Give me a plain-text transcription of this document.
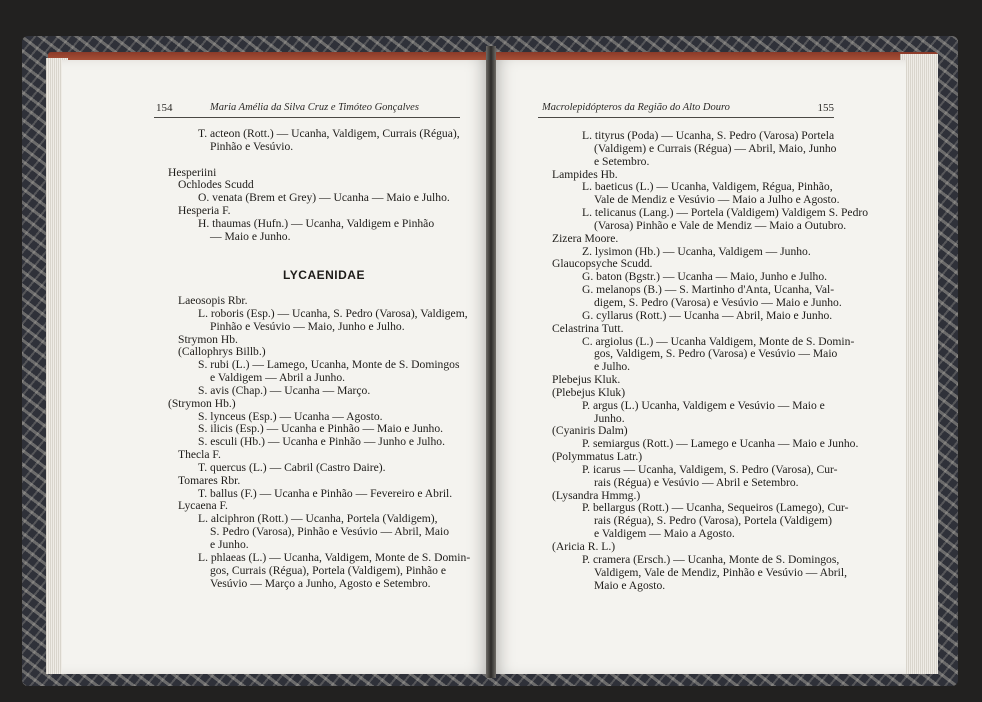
154	Maria Amélia da Silva Cruz e Timóteo Gonçalves	Macrolepidópteros da Região do Alto Douro	155
T. acteon (Rott.) — Ucanha, Valdigem, Currais (Régua),
Pinhão e Vesúvio.
Hesperiini
Ochlodes Scudd
O. venata (Brem et Grey) — Ucanha — Maio e Julho.
Hesperia F.
H. thaumas (Hufn.) — Ucanha, Valdigem e Pinhão
— Maio e Junho.
LYCAENIDAE
Laeosopis Rbr.
L. roboris (Esp.) — Ucanha, S. Pedro (Varosa), Valdigem,
Pinhão e Vesúvio — Maio, Junho e Julho.
Strymon Hb.
(Callophrys Billb.)
S. rubi (L.) — Lamego, Ucanha, Monte de S. Domingos
e Valdigem — Abril a Junho.
S. avis (Chap.) — Ucanha — Março.
(Strymon Hb.)
S. lynceus (Esp.) — Ucanha — Agosto.
S. ilicis (Esp.) — Ucanha e Pinhão — Maio e Junho.
S. esculi (Hb.) — Ucanha e Pinhão — Junho e Julho.
Thecla F.
T. quercus (L.) — Cabril (Castro Daire).
Tomares Rbr.
T. ballus (F.) — Ucanha e Pinhão — Fevereiro e Abril.
Lycaena F.
L. alciphron (Rott.) — Ucanha, Portela (Valdigem),
S. Pedro (Varosa), Pinhão e Vesúvio — Abril, Maio
e Junho.
L. phlaeas (L.) — Ucanha, Valdigem, Monte de S. Domin-
gos, Currais (Régua), Portela (Valdigem), Pinhão e
Vesúvio — Março a Junho, Agosto e Setembro.
L. tityrus (Poda) — Ucanha, S. Pedro (Varosa) Portela
(Valdigem) e Currais (Régua) — Abril, Maio, Junho
e Setembro.
Lampides Hb.
L. baeticus (L.) — Ucanha, Valdigem, Régua, Pinhão,
Vale de Mendiz e Vesúvio — Maio a Julho e Agosto.
L. telicanus (Lang.) — Portela (Valdigem) Valdigem S. Pedro
(Varosa) Pinhão e Vale de Mendiz — Maio a Outubro.
Zizera Moore.
Z. lysimon (Hb.) — Ucanha, Valdigem — Junho.
Glaucopsyche Scudd.
G. baton (Bgstr.) — Ucanha — Maio, Junho e Julho.
G. melanops (B.) — S. Martinho d'Anta, Ucanha, Val-
digem, S. Pedro (Varosa) e Vesúvio — Maio e Junho.
G. cyllarus (Rott.) — Ucanha — Abril, Maio e Junho.
Celastrina Tutt.
C. argiolus (L.) — Ucanha Valdigem, Monte de S. Domin-
gos, Valdigem, S. Pedro (Varosa) e Vesúvio — Maio
e Julho.
Plebejus Kluk.
(Plebejus Kluk)
P. argus (L.) Ucanha, Valdigem e Vesúvio — Maio e
Junho.
(Cyaniris Dalm)
P. semiargus (Rott.) — Lamego e Ucanha — Maio e Junho.
(Polymmatus Latr.)
P. icarus — Ucanha, Valdigem, S. Pedro (Varosa), Cur-
rais (Régua) e Vesúvio — Abril e Setembro.
(Lysandra Hmmg.)
P. bellargus (Rott.) — Ucanha, Sequeiros (Lamego), Cur-
rais (Régua), S. Pedro (Varosa), Portela (Valdigem)
e Valdigem — Maio a Agosto.
(Aricia R. L.)
P. cramera (Ersch.) — Ucanha, Monte de S. Domingos,
Valdigem, Vale de Mendiz, Pinhão e Vesúvio — Abril,
Maio e Agosto.
